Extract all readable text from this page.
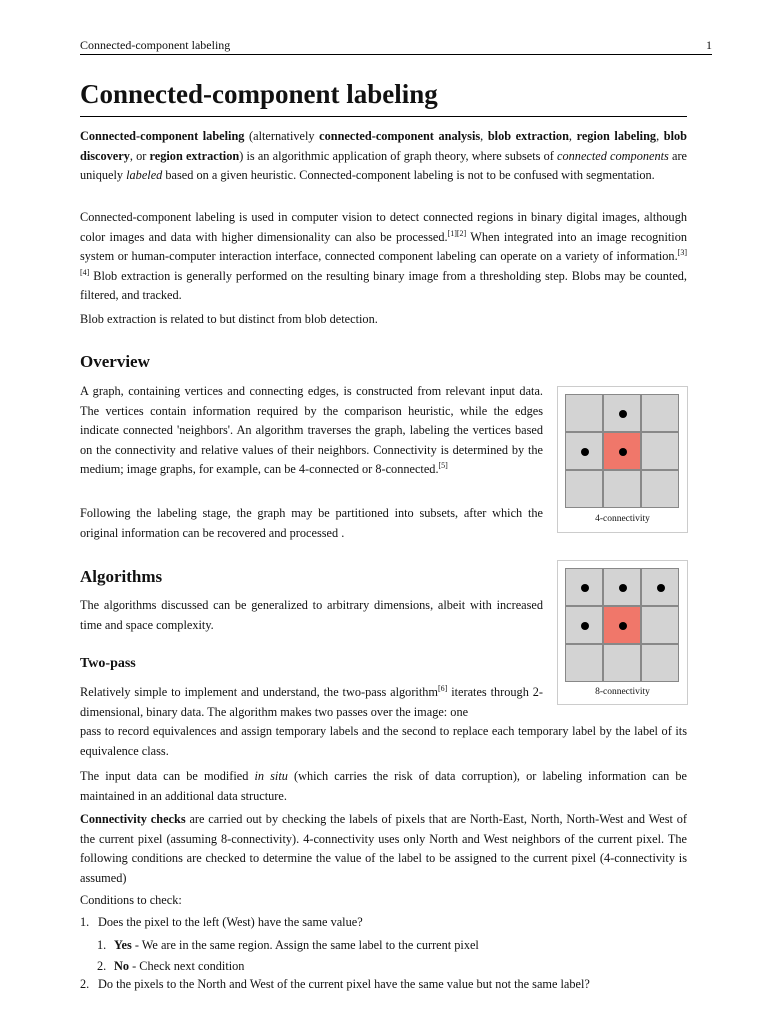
Connected-component labeling	1
Connected-component labeling

Connected-component labeling (alternatively connected-component analysis, blob extraction, region labeling, blob discovery, or region extraction) is an algorithmic application of graph theory, where subsets of connected components are uniquely labeled based on a given heuristic. Connected-component labeling is not to be confused with segmentation.

Connected-component labeling is used in computer vision to detect connected regions in binary digital images, although color images and data with higher dimensionality can also be processed.[1][2] When integrated into an image recognition system or human-computer interaction interface, connected component labeling can operate on a variety of information.[3][4] Blob extraction is generally performed on the resulting binary image from a thresholding step. Blobs may be counted, filtered, and tracked.

Blob extraction is related to but distinct from blob detection.

Overview

A graph, containing vertices and connecting edges, is constructed from relevant input data. The vertices contain information required by the comparison heuristic, while the edges indicate connected 'neighbors'. An algorithm traverses the graph, labeling the vertices based on the connectivity and relative values of their neighbors. Connectivity is determined by the medium; image graphs, for example, can be 4-connected or 8-connected.[5]

Following the labeling stage, the graph may be partitioned into subsets, after which the original information can be recovered and processed .

4-connectivity
Algorithms

The algorithms discussed can be generalized to arbitrary dimensions, albeit with increased time and space complexity.

8-connectivity
Two-pass

Relatively simple to implement and understand, the two-pass algorithm[6] iterates through 2-dimensional, binary data. The algorithm makes two passes over the image: one

pass to record equivalences and assign temporary labels and the second to replace each temporary label by the label of its equivalence class.

The input data can be modified in situ (which carries the risk of data corruption), or labeling information can be maintained in an additional data structure.

Connectivity checks are carried out by checking the labels of pixels that are North-East, North, North-West and West of the current pixel (assuming 8-connectivity). 4-connectivity uses only North and West neighbors of the current pixel. The following conditions are checked to determine the value of the label to be assigned to the current pixel (4-connectivity is assumed)

Conditions to check:

1. Does the pixel to the left (West) have the same value?
1. Yes - We are in the same region. Assign the same label to the current pixel
2. No - Check next condition
2. Do the pixels to the North and West of the current pixel have the same value but not the same label?
